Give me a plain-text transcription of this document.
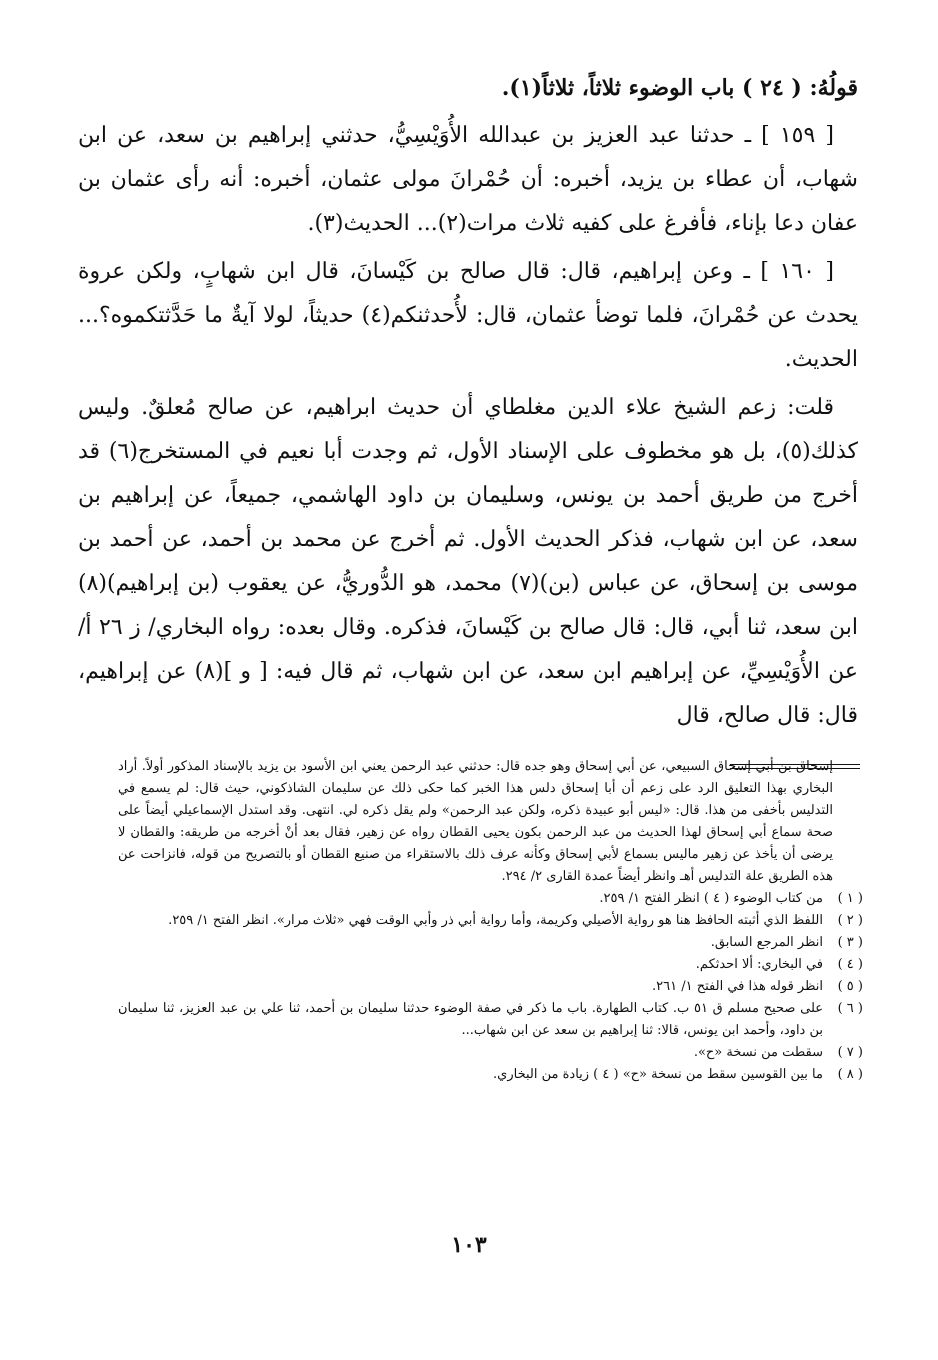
قولُهُ: ( ٢٤ ) باب الوضوء ثلاثاً، ثلاثاً(١).

[ ١٥٩ ] ـ حدثنا عبد العزيز بن عبدالله الأُوَيْسِيُّ، حدثني إبراهيم بن سعد، عن ابن شهاب، أن عطاء بن يزيد، أخبره: أن حُمْرانَ مولى عثمان، أخبره: أنه رأى عثمان بن عفان دعا بإناء، فأفرغ على كفيه ثلاث مرات(٢)... الحديث(٣).

[ ١٦٠ ] ـ وعن إبراهيم، قال: قال صالح بن كَيْسانَ، قال ابن شهابٍ، ولكن عروة يحدث عن حُمْرانَ، فلما توضأ عثمان، قال: لأُحدثنكم(٤) حديثاً، لولا آيةٌ ما حَدَّثتكموه؟... الحديث.

قلت: زعم الشيخ علاء الدين مغلطاي أن حديث ابراهيم، عن صالح مُعلقٌ. وليس كذلك(٥)، بل هو مخطوف على الإسناد الأول، ثم وجدت أبا نعيم في المستخرج(٦) قد أخرج من طريق أحمد بن يونس، وسليمان بن داود الهاشمي، جميعاً، عن إبراهيم بن سعد، عن ابن شهاب، فذكر الحديث الأول. ثم أخرج عن محمد بن أحمد، عن أحمد بن موسى بن إسحاق، عن عباس (بن)(٧) محمد، هو الدُّوريُّ، عن يعقوب (بن إبراهيم)(٨) ابن سعد، ثنا أبي، قال: قال صالح بن كَيْسانَ، فذكره. وقال بعده: رواه البخاري/ ز ٢٦ أ/ عن الأُوَيْسِيِّ، عن إبراهيم ابن سعد، عن ابن شهاب، ثم قال فيه: [ و ](٨) عن إبراهيم، قال: قال صالح، قال

إسحاق بن أبي إسحاق السبيعي، عن أبي إسحاق وهو جده قال: حدثني عبد الرحمن يعني ابن الأسود بن يزيد بالإسناد المذكور أولاً. أراد البخاري بهذا التعليق الرد على زعم أن أبا إسحاق دلس هذا الخبر كما حكى ذلك عن سليمان الشاذكوني، حيث قال: لم يسمع في التدليس بأخفى من هذا. قال: «ليس أبو عبيدة ذكره، ولكن عبد الرحمن» ولم يقل ذكره لي. انتهى. وقد استدل الإسماعيلي أيضاً على صحة سماع أبي إسحاق لهذا الحديث من عبد الرحمن بكون يحيى القطان رواه عن زهير، فقال بعد أنْ أخرجه من طريقه: والقطان لا يرضى أن يأخذ عن زهير ماليس بسماع لأبي إسحاق وكأنه عرف ذلك بالاستقراء من صنيع القطان أو بالتصريح من قوله، فانزاحت عن هذه الطريق علة التدليس أهـ وانظر أيضاً عمدة القارى ٢/ ٢٩٤.

( ١ )
من كتاب الوضوء ( ٤ ) انظر الفتح ١/ ٢٥٩.
( ٢ )
اللفظ الذي أثبته الحافظ هنا هو رواية الأصيلي وكريمة، وأما رواية أبي ذر وأبي الوقت فهي «ثلاث مرار». انظر الفتح ١/ ٢٥٩.
( ٣ )
انظر المرجع السابق.
( ٤ )
في البخاري: ألا احدثكم.
( ٥ )
انظر قوله هذا في الفتح ١/ ٢٦١.
( ٦ )
على صحيح مسلم ق ٥١ ب. كتاب الطهارة. باب ما ذكر في صفة الوضوء حدثنا سليمان بن أحمد، ثنا علي بن عبد العزيز، ثنا سليمان بن داود، وأحمد ابن يونس، قالا: ثنا إبراهيم بن سعد عن ابن شهاب...
( ٧ )
سقطت من نسخة «ح».
( ٨ )
ما بين القوسين سقط من نسخة «ح» ( ٤ ) زيادة من البخاري.
١٠٣
